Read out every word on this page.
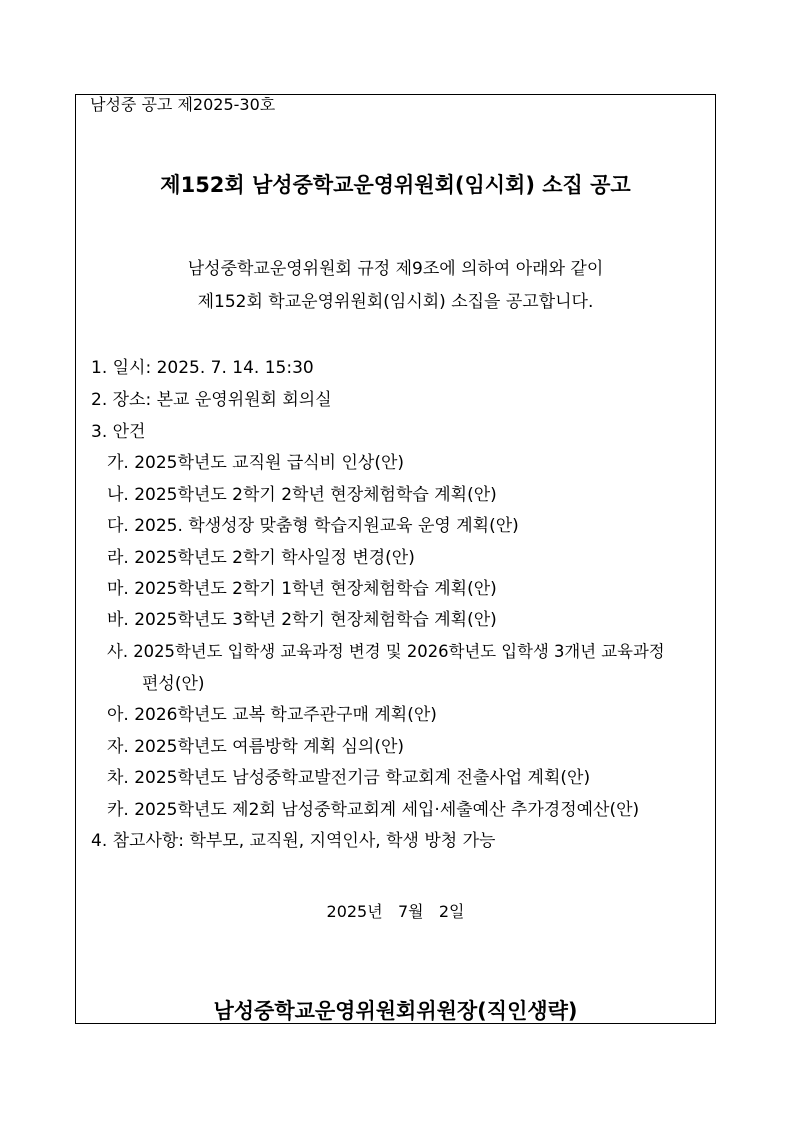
남성중 공고 제2025-30호
제152회 남성중학교운영위원회(임시회) 소집 공고
남성중학교운영위원회 규정 제9조에 의하여 아래와 같이
제152회 학교운영위원회(임시회) 소집을 공고합니다.
1. 일시: 2025. 7. 14. 15:30
2. 장소: 본교 운영위원회 회의실
3. 안건
가. 2025학년도 교직원 급식비 인상(안)
나. 2025학년도 2학기 2학년 현장체험학습 계획(안)
다. 2025. 학생성장 맞춤형 학습지원교육 운영 계획(안)
라. 2025학년도 2학기 학사일정 변경(안)
마. 2025학년도 2학기 1학년 현장체험학습 계획(안)
바. 2025학년도 3학년 2학기 현장체험학습 계획(안)
사. 2025학년도 입학생 교육과정 변경 및 2026학년도 입학생 3개년 교육과정
편성(안)
아. 2026학년도 교복 학교주관구매 계획(안)
자. 2025학년도 여름방학 계획 심의(안)
차. 2025학년도 남성중학교발전기금 학교회계 전출사업 계획(안)
카. 2025학년도 제2회 남성중학교회계 세입·세출예산 추가경정예산(안)
4. 참고사항: 학부모, 교직원, 지역인사, 학생 방청 가능
2025년   7월   2일
남성중학교운영위원회위원장(직인생략)
